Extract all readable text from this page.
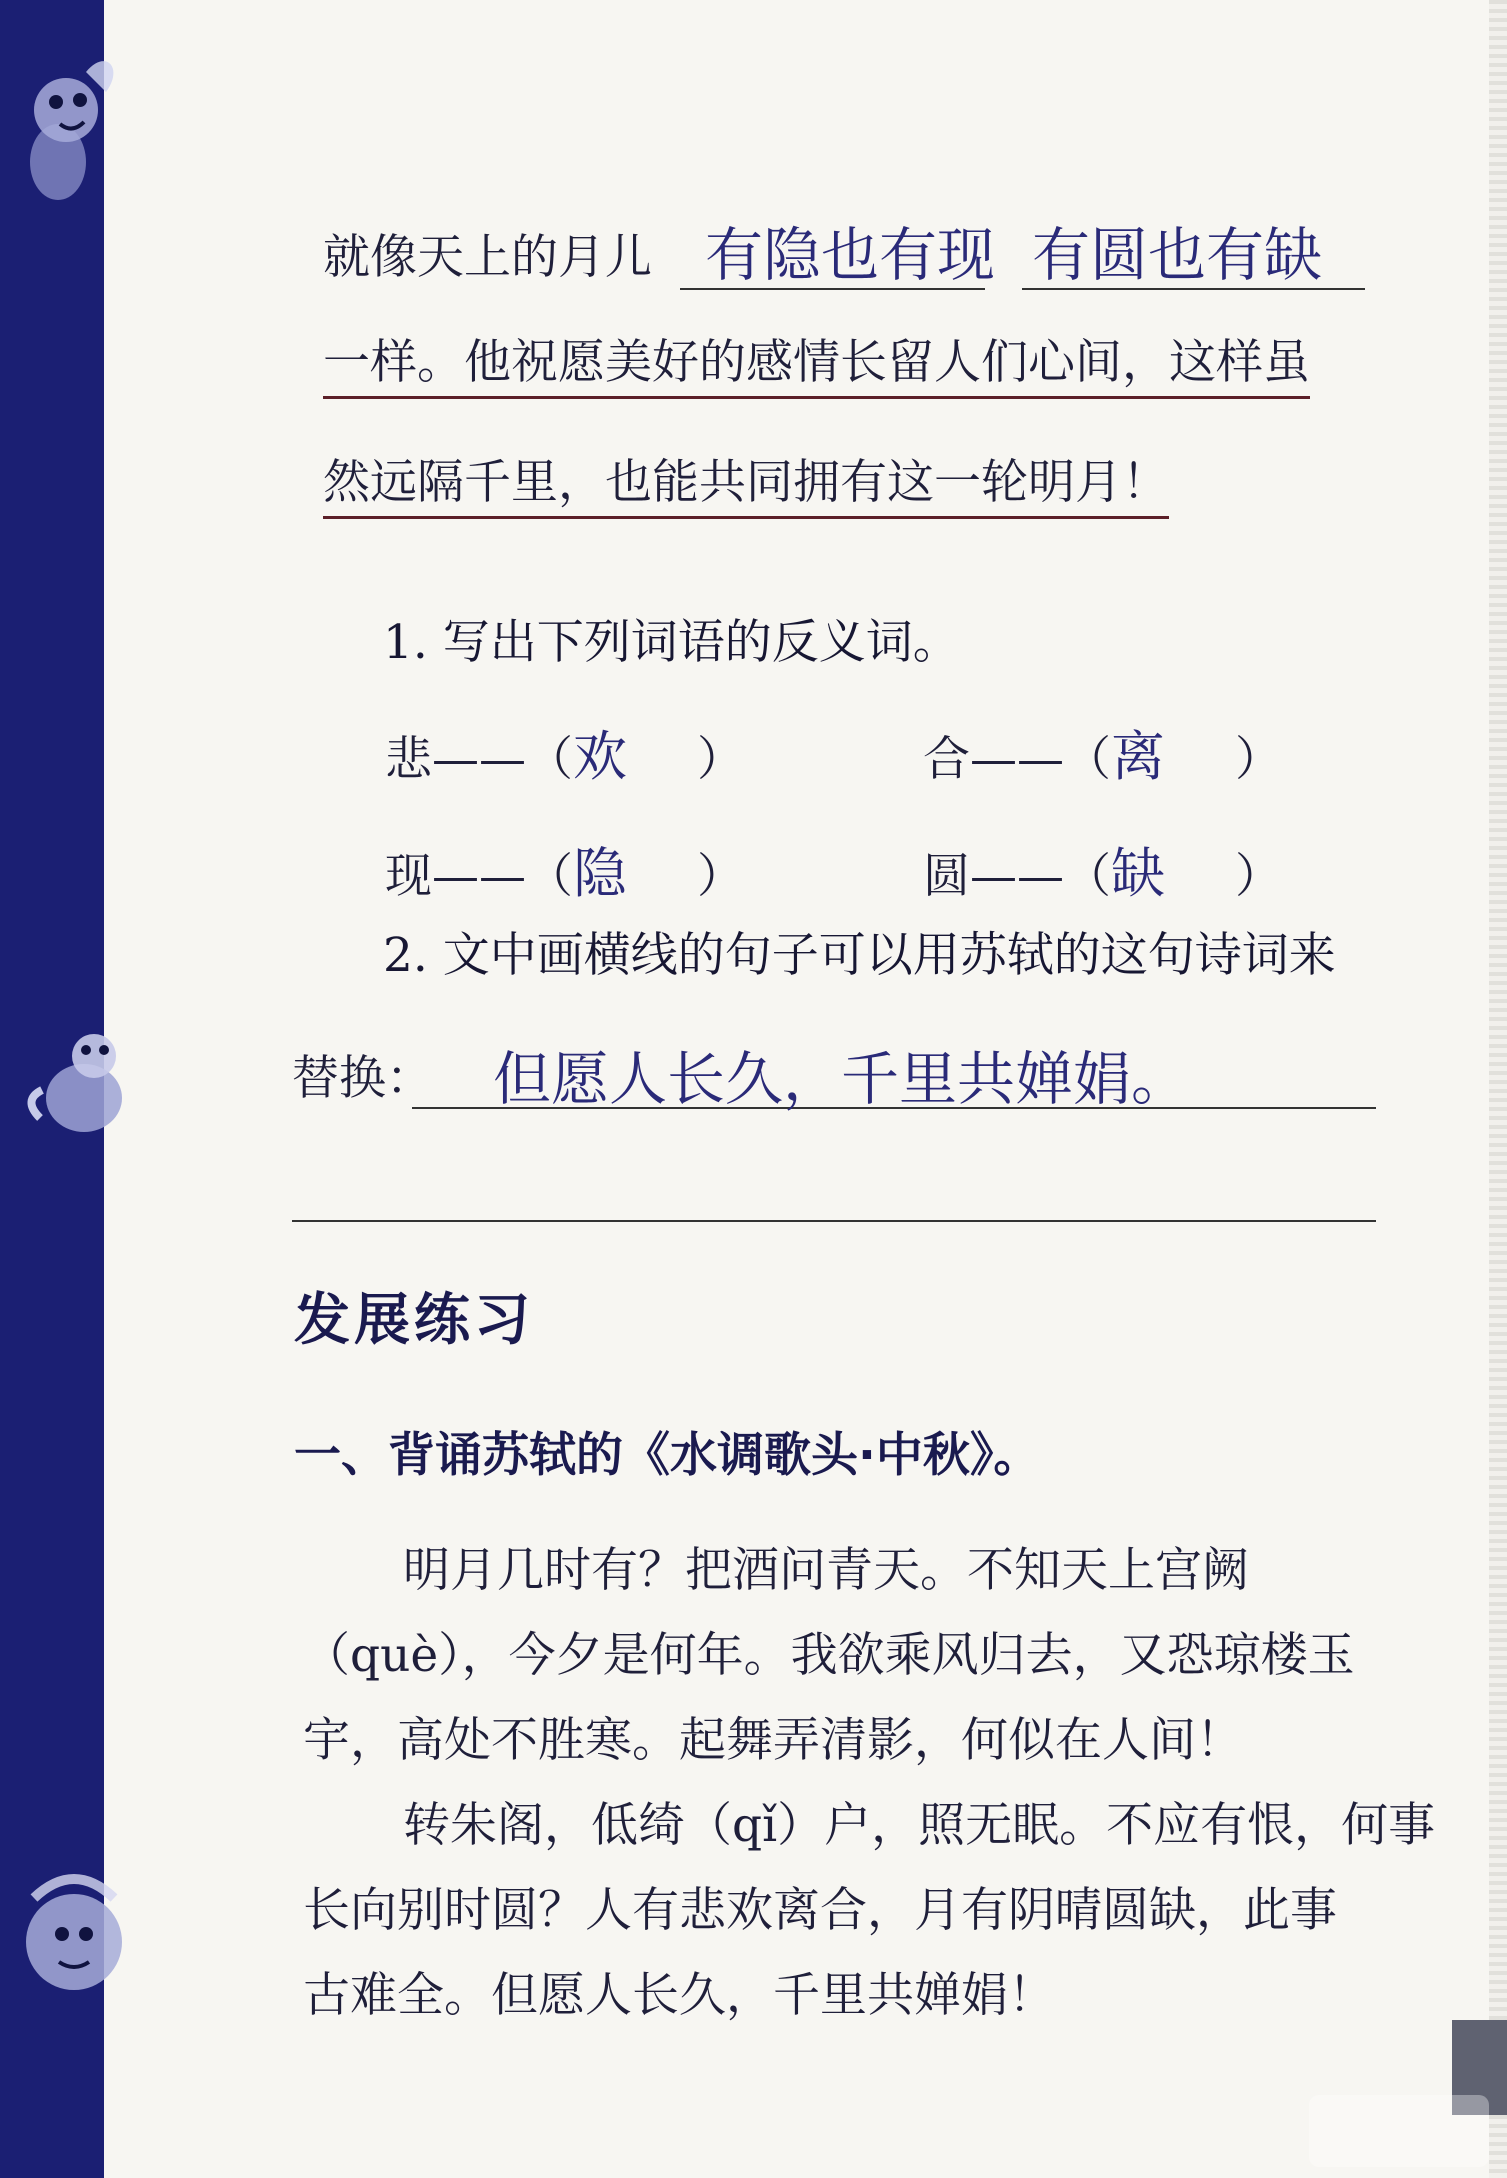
就像天上的月儿 有隐也有现 有圆也有缺
一样。他祝愿美好的感情长留人们心间，这样虽
然远隔千里，也能共同拥有这一轮明月！
1. 写出下列词语的反义词。
悲——（欢 ）	合——（离 ）
现——（隐 ）	圆——（缺 ）
2. 文中画横线的句子可以用苏轼的这句诗词来
替换： 但愿人长久，千里共婵娟。
发展练习
一、背诵苏轼的《水调歌头·中秋》。
明月几时有？把酒问青天。不知天上宫阙
（què），今夕是何年。我欲乘风归去，又恐琼楼玉
宇，高处不胜寒。起舞弄清影，何似在人间！
转朱阁，低绮（qǐ）户，照无眠。不应有恨，何事
长向别时圆？人有悲欢离合，月有阴晴圆缺，此事
古难全。但愿人长久，千里共婵娟！
